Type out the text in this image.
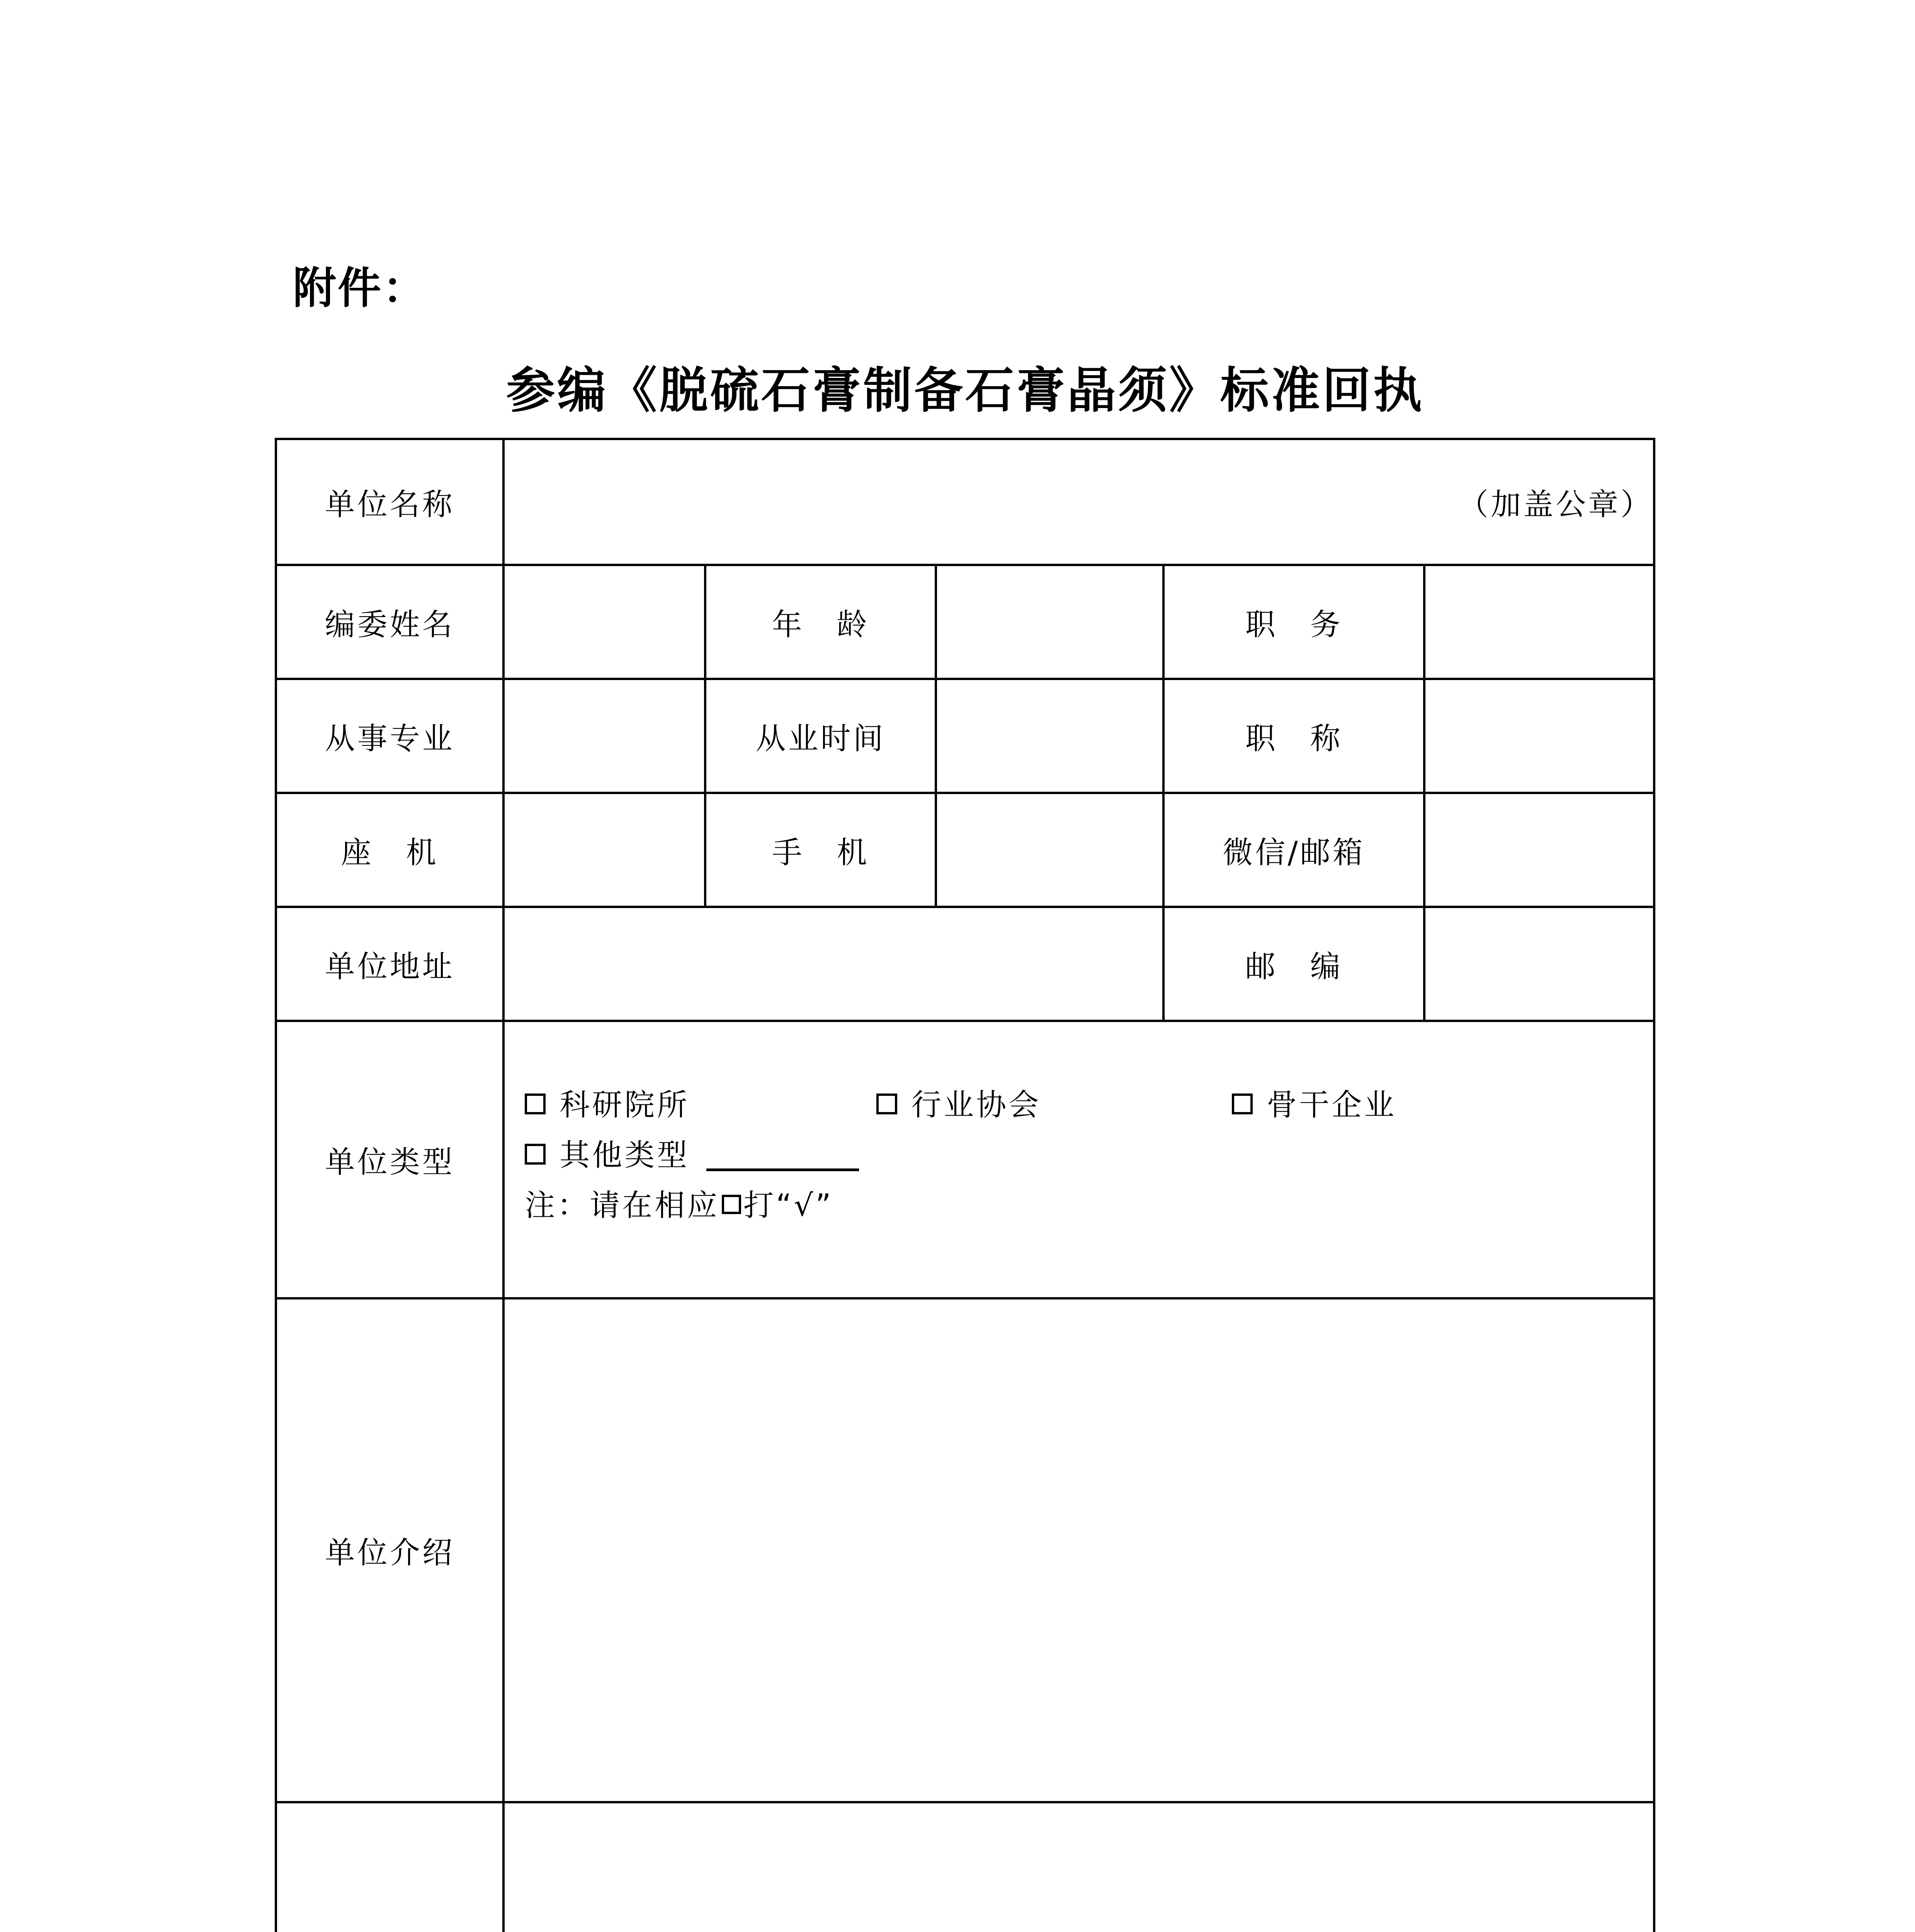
附件：
参编《脱硫石膏制备石膏晶须》标准回执
单位名称	（加盖公章）				
编委姓名		年　龄		职　务	
从事专业		从业时间		职　称	
座　机		手　机		微信/邮箱	
单位地址				邮　编	
单位类型	科研院所 行业协会 骨干企业
其他类型
注：请在相应 打“√”				

单位介绍					
